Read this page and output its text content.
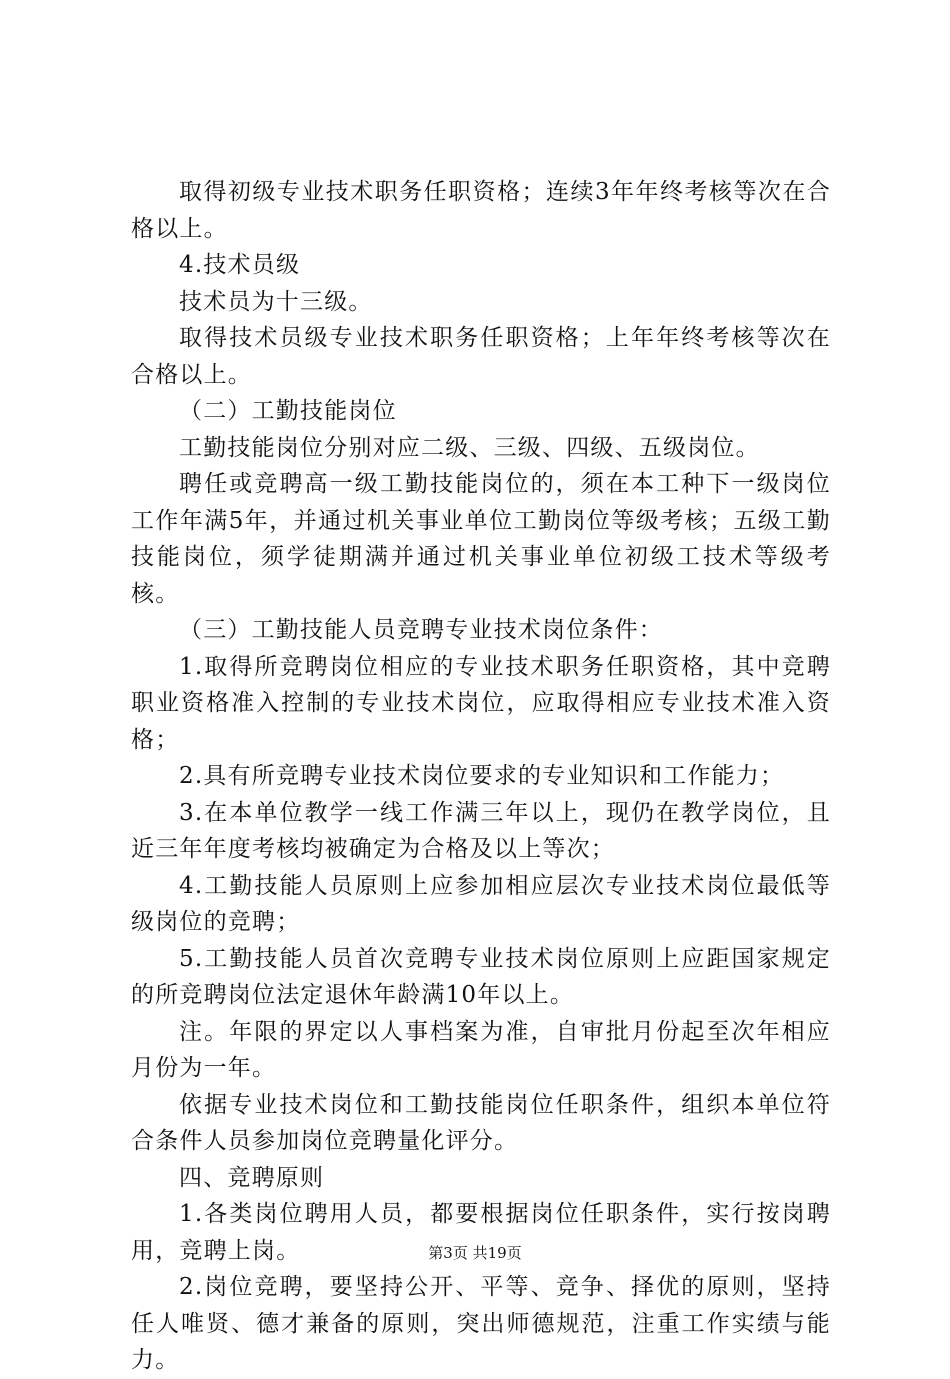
取得初级专业技术职务任职资格；连续3年年终考核等次在合格以上。

4.技术员级

技术员为十三级。

取得技术员级专业技术职务任职资格；上年年终考核等次在合格以上。

（二）工勤技能岗位

工勤技能岗位分别对应二级、三级、四级、五级岗位。

聘任或竞聘高一级工勤技能岗位的，须在本工种下一级岗位工作年满5年，并通过机关事业单位工勤岗位等级考核；五级工勤技能岗位，须学徒期满并通过机关事业单位初级工技术等级考核。

（三）工勤技能人员竞聘专业技术岗位条件：

1.取得所竞聘岗位相应的专业技术职务任职资格，其中竞聘职业资格准入控制的专业技术岗位，应取得相应专业技术准入资格；

2.具有所竞聘专业技术岗位要求的专业知识和工作能力；

3.在本单位教学一线工作满三年以上，现仍在教学岗位，且近三年年度考核均被确定为合格及以上等次；

4.工勤技能人员原则上应参加相应层次专业技术岗位最低等级岗位的竞聘；

5.工勤技能人员首次竞聘专业技术岗位原则上应距国家规定的所竞聘岗位法定退休年龄满10年以上。

注。年限的界定以人事档案为准，自审批月份起至次年相应月份为一年。

依据专业技术岗位和工勤技能岗位任职条件，组织本单位符合条件人员参加岗位竞聘量化评分。

四、竞聘原则

1.各类岗位聘用人员，都要根据岗位任职条件，实行按岗聘用，竞聘上岗。

2.岗位竞聘，要坚持公开、平等、竞争、择优的原则，坚持任人唯贤、德才兼备的原则，突出师德规范，注重工作实绩与能力。

第3页 共19页
